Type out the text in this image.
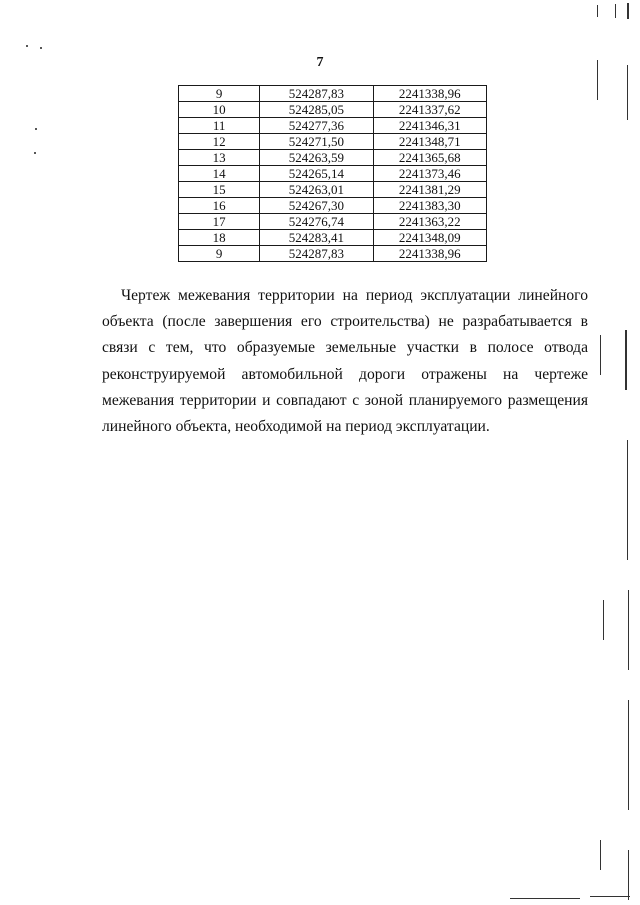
7
9	524287,83	2241338,96
10	524285,05	2241337,62
11	524277,36	2241346,31
12	524271,50	2241348,71
13	524263,59	2241365,68
14	524265,14	2241373,46
15	524263,01	2241381,29
16	524267,30	2241383,30
17	524276,74	2241363,22
18	524283,41	2241348,09
9	524287,83	2241338,96

Чертеж межевания территории на период эксплуатации линейного объекта (после завершения его строительства) не разрабатывается в связи с тем, что образуемые земельные участки в полосе отвода реконструируемой автомобильной дороги отражены на чертеже межевания территории и совпадают с зоной планируемого размещения линейного объекта, необходимой на период эксплуатации.
